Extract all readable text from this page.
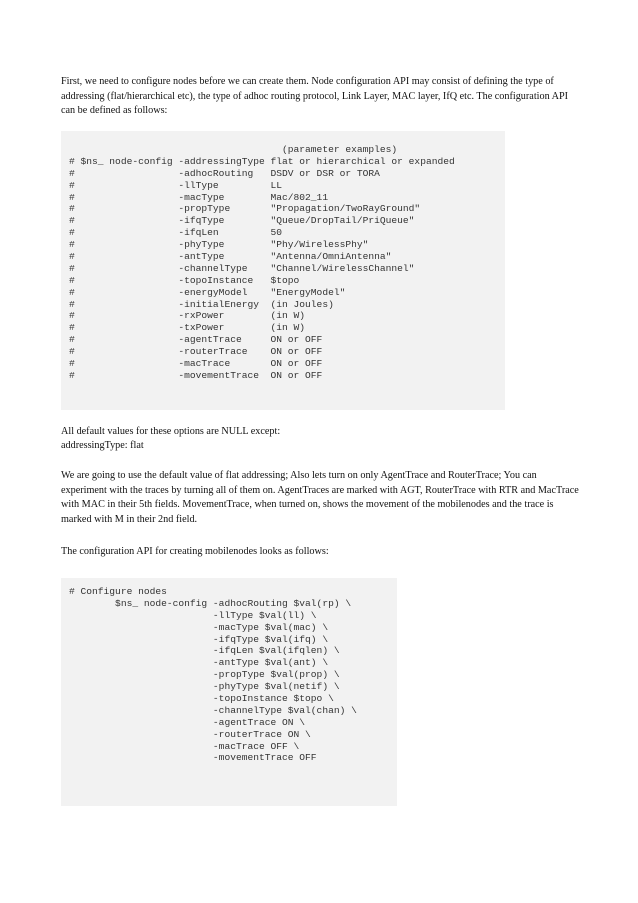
First, we need to configure nodes before we can create them. Node configuration API may consist of defining the type of addressing (flat/hierarchical etc), the type of adhoc routing protocol, Link Layer, MAC layer, IfQ etc. The configuration API can be defined as follows:

(parameter examples)
# $ns_ node-config -addressingType flat or hierarchical or expanded
#                  -adhocRouting   DSDV or DSR or TORA
#                  -llType         LL
#                  -macType        Mac/802_11
#                  -propType       "Propagation/TwoRayGround"
#                  -ifqType        "Queue/DropTail/PriQueue"
#                  -ifqLen         50
#                  -phyType        "Phy/WirelessPhy"
#                  -antType        "Antenna/OmniAntenna"
#                  -channelType    "Channel/WirelessChannel"
#                  -topoInstance   $topo
#                  -energyModel    "EnergyModel"
#                  -initialEnergy  (in Joules)
#                  -rxPower        (in W)
#                  -txPower        (in W)
#                  -agentTrace     ON or OFF
#                  -routerTrace    ON or OFF
#                  -macTrace       ON or OFF
#                  -movementTrace  ON or OFF

All default values for these options are NULL except:

addressingType: flat

We are going to use the default value of flat addressing; Also lets turn on only AgentTrace and RouterTrace; You can experiment with the traces by turning all of them on. AgentTraces are marked with AGT, RouterTrace with RTR and MacTrace with MAC in their 5th fields. MovementTrace, when turned on, shows the movement of the mobilenodes and the trace is marked with M in their 2nd field.

The configuration API for creating mobilenodes looks as follows:

# Configure nodes
$ns_ node-config -adhocRouting $val(rp) \
-llType $val(ll) \
-macType $val(mac) \
-ifqType $val(ifq) \
-ifqLen $val(ifqlen) \
-antType $val(ant) \
-propType $val(prop) \
-phyType $val(netif) \
-topoInstance $topo \
-channelType $val(chan) \
-agentTrace ON \
-routerTrace ON \
-macTrace OFF \
-movementTrace OFF
